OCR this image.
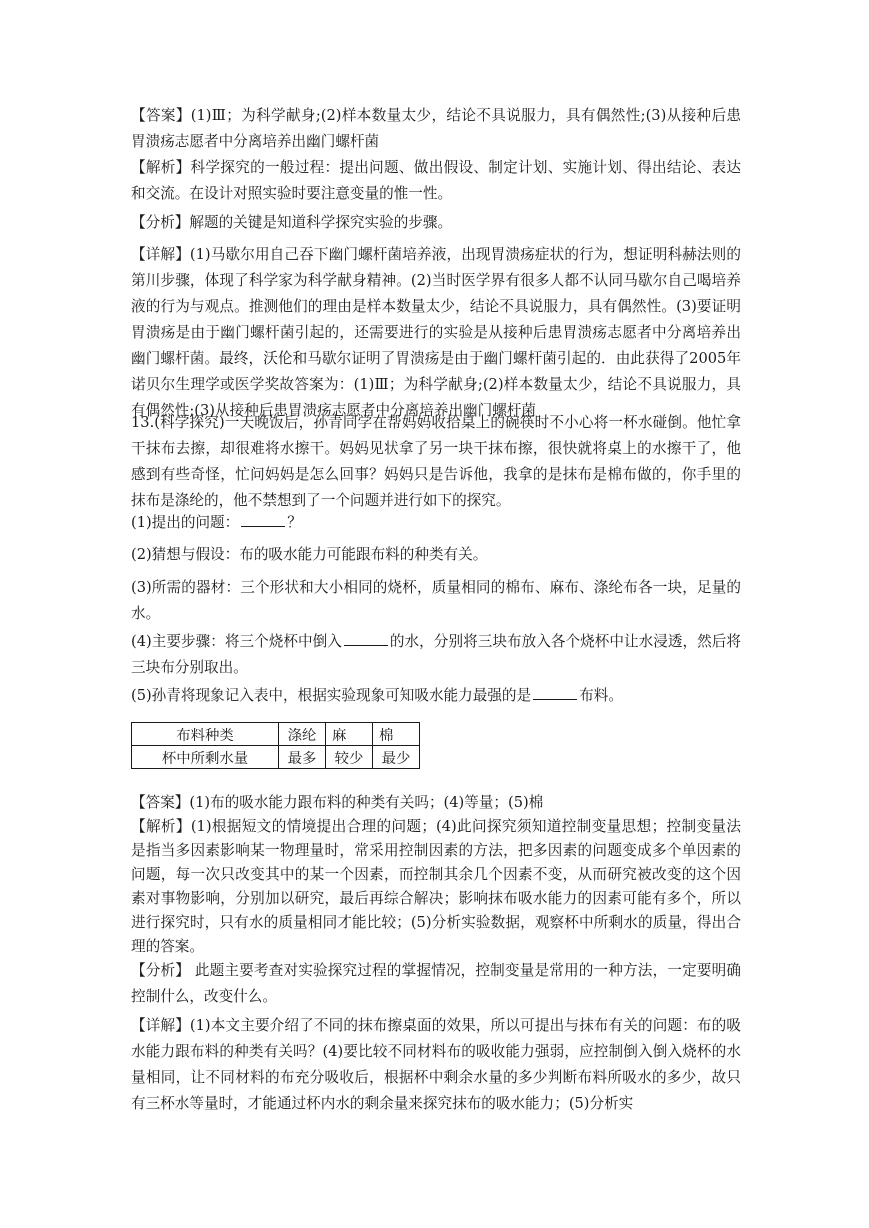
【答案】(1)Ⅲ；为科学献身;(2)样本数量太少，结论不具说服力，具有偶然性;(3)从接种后患胃溃疡志愿者中分离培养出幽门螺杆菌

【解析】科学探究的一般过程：提出问题、做出假设、制定计划、实施计划、得出结论、表达和交流。在设计对照实验时要注意变量的惟一性。

【分析】解题的关键是知道科学探究实验的步骤。

【详解】(1)马歇尔用自己吞下幽门螺杆菌培养液，出现胃溃疡症状的行为，想证明科赫法则的第川步骤，体现了科学家为科学献身精神。(2)当时医学界有很多人都不认同马歇尔自己喝培养液的行为与观点。推测他们的理由是样本数量太少，结论不具说服力，具有偶然性。(3)要证明胃溃疡是由于幽门螺杆菌引起的，还需要进行的实验是从接种后患胃溃疡志愿者中分离培养出幽门螺杆菌。最终，沃伦和马歇尔证明了胃溃疡是由于幽门螺杆菌引起的．由此获得了2005年诺贝尔生理学或医学奖故答案为：(1)Ⅲ；为科学献身;(2)样本数量太少，结论不具说服力，具有偶然性;(3)从接种后患胃溃疡志愿者中分离培养出幽门螺杆菌

13.(科学探究)一天晚饭后，孙青同学在帮妈妈收拾桌上的碗筷时不小心将一杯水碰倒。他忙拿干抹布去擦，却很难将水擦干。妈妈见状拿了另一块干抹布擦，很快就将桌上的水擦干了，他感到有些奇怪，忙问妈妈是怎么回事？妈妈只是告诉他，我拿的是抹布是棉布做的，你手里的抹布是涤纶的，他不禁想到了一个问题并进行如下的探究。

(1)提出的问题：	？

(2)猜想与假设：布的吸水能力可能跟布料的种类有关。

(3)所需的器材：三个形状和大小相同的烧杯，质量相同的棉布、麻布、涤纶布各一块，足量的水。

(4)主要步骤：将三个烧杯中倒入	的水，分别将三块布放入各个烧杯中让水浸透，然后将三块布分别取出。

(5)孙青将现象记入表中，根据实验现象可知吸水能力最强的是	布料。

布料种类	涤纶	麻	棉
杯中所剩水量	最多	较少	最少

【答案】(1)布的吸水能力跟布料的种类有关吗；(4)等量；(5)棉

【解析】(1)根据短文的情境提出合理的问题；(4)此问探究须知道控制变量思想；控制变量法是指当多因素影响某一物理量时，常采用控制因素的方法，把多因素的问题变成多个单因素的问题，每一次只改变其中的某一个因素，而控制其余几个因素不变，从而研究被改变的这个因素对事物影响，分别加以研究，最后再综合解决；影响抹布吸水能力的因素可能有多个，所以进行探究时，只有水的质量相同才能比较；(5)分析实验数据，观察杯中所剩水的质量，得出合理的答案。

【分析】 此题主要考查对实验探究过程的掌握情况，控制变量是常用的一种方法，一定要明确控制什么，改变什么。

【详解】(1)本文主要介绍了不同的抹布擦桌面的效果，所以可提出与抹布有关的问题：布的吸水能力跟布料的种类有关吗？(4)要比较不同材料布的吸收能力强弱，应控制倒入倒入烧杯的水量相同，让不同材料的布充分吸收后，根据杯中剩余水量的多少判断布料所吸水的多少，故只有三杯水等量时，才能通过杯内水的剩余量来探究抹布的吸水能力；(5)分析实
